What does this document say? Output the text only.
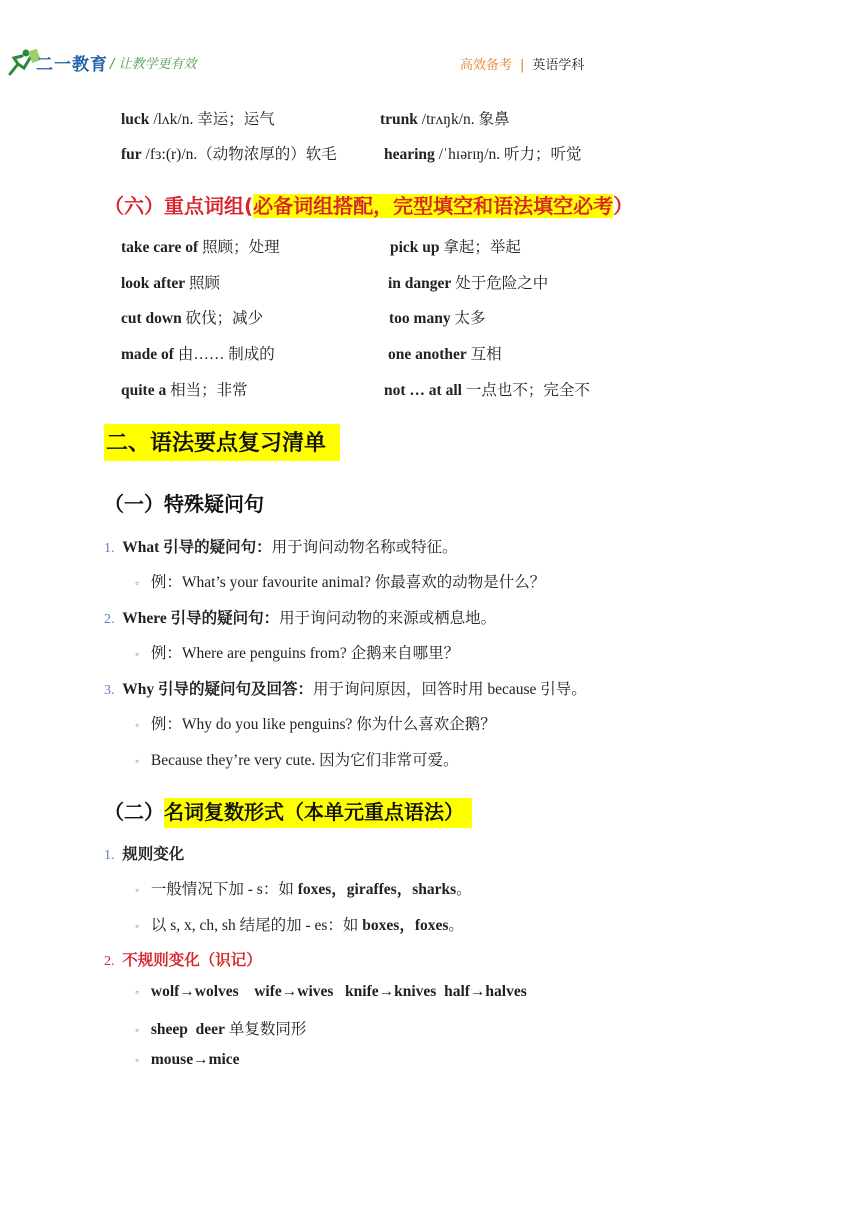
二一教育 / 让教学更有效	高效备考 | 英语学科
luck /lʌk/n. 幸运；运气	trunk /trʌŋk/n. 象鼻
fur /fɜ:(r)/n.（动物浓厚的）软毛	hearing /ˈhɪərɪŋ/n. 听力；听觉
（六）重点词组(必备词组搭配，完型填空和语法填空必考）
take care of 照顾；处理	pick up 拿起；举起
look after 照顾	in danger 处于危险之中
cut down 砍伐；减少	too many 太多
made of 由…… 制成的	one another 互相
quite a 相当；非常	not … at all 一点也不；完全不
二、语法要点复习清单
（一）特殊疑问句
1. What 引导的疑问句：用于询问动物名称或特征。
◦ 例：What’s your favourite animal? 你最喜欢的动物是什么？
2. Where 引导的疑问句：用于询问动物的来源或栖息地。
◦ 例：Where are penguins from? 企鹅来自哪里？
3. Why 引导的疑问句及回答：用于询问原因，回答时用 because 引导。
◦ 例：Why do you like penguins? 你为什么喜欢企鹅？
◦ Because they’re very cute. 因为它们非常可爱。
（二）名词复数形式（本单元重点语法）
1. 规则变化
◦ 一般情况下加 - s：如 foxes，giraffes，sharks。
◦ 以 s, x, ch, sh 结尾的加 - es：如 boxes，foxes。
2. 不规则变化（识记）
◦ wolf→wolves    wife→wives   knife→knives  half→halves
◦ sheep  deer 单复数同形
◦ mouse→mice
